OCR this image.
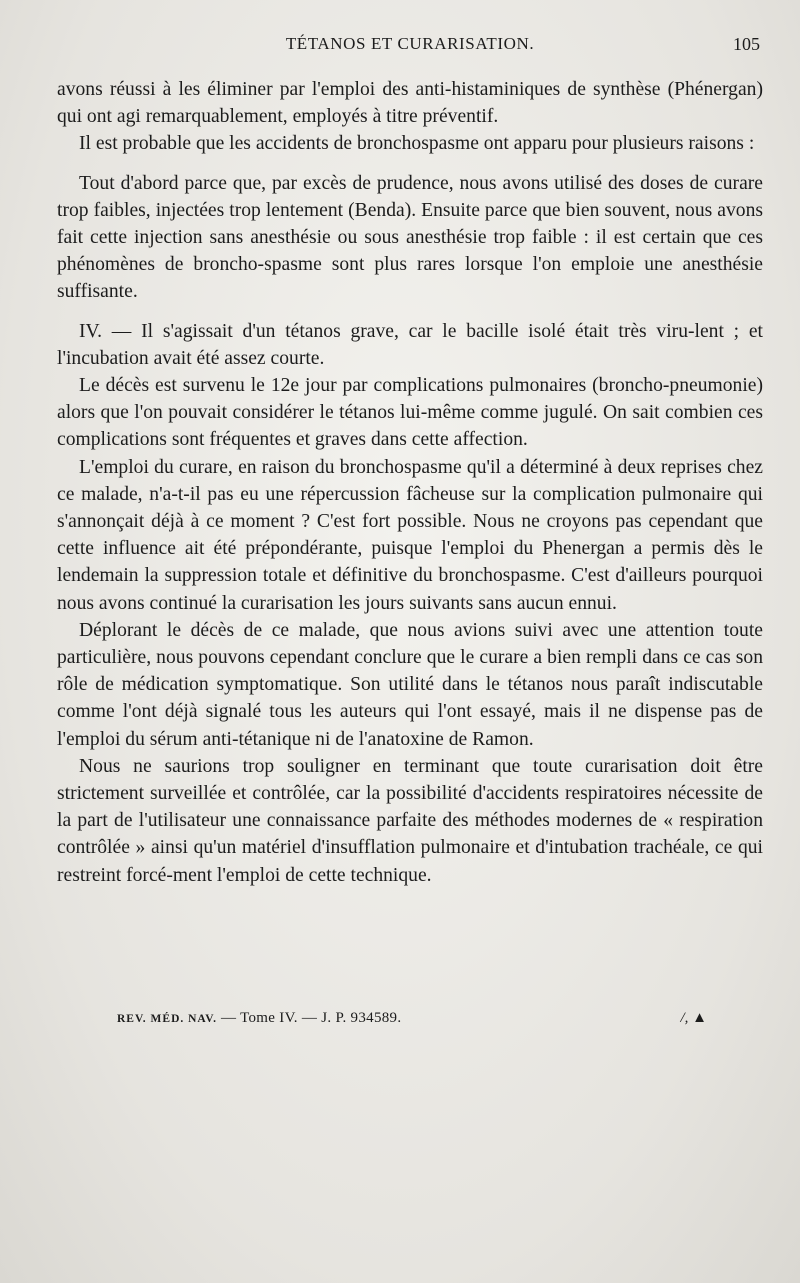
TÉTANOS ET CURARISATION.	105

avons réussi à les éliminer par l'emploi des anti-histaminiques de synthèse (Phénergan) qui ont agi remarquablement, employés à titre préventif.

Il est probable que les accidents de bronchospasme ont apparu pour plusieurs raisons :

Tout d'abord parce que, par excès de prudence, nous avons utilisé des doses de curare trop faibles, injectées trop lentement (Benda). Ensuite parce que bien souvent, nous avons fait cette injection sans anesthésie ou sous anesthésie trop faible : il est certain que ces phénomènes de broncho-spasme sont plus rares lorsque l'on emploie une anesthésie suffisante.

IV. — Il s'agissait d'un tétanos grave, car le bacille isolé était très viru-lent ; et l'incubation avait été assez courte.

Le décès est survenu le 12e jour par complications pulmonaires (broncho-pneumonie) alors que l'on pouvait considérer le tétanos lui-même comme jugulé. On sait combien ces complications sont fréquentes et graves dans cette affection.

L'emploi du curare, en raison du bronchospasme qu'il a déterminé à deux reprises chez ce malade, n'a-t-il pas eu une répercussion fâcheuse sur la complication pulmonaire qui s'annonçait déjà à ce moment ? C'est fort possible. Nous ne croyons pas cependant que cette influence ait été prépondérante, puisque l'emploi du Phenergan a permis dès le lendemain la suppression totale et définitive du bronchospasme. C'est d'ailleurs pourquoi nous avons continué la curarisation les jours suivants sans aucun ennui.

Déplorant le décès de ce malade, que nous avions suivi avec une attention toute particulière, nous pouvons cependant conclure que le curare a bien rempli dans ce cas son rôle de médication symptomatique. Son utilité dans le tétanos nous paraît indiscutable comme l'ont déjà signalé tous les auteurs qui l'ont essayé, mais il ne dispense pas de l'emploi du sérum anti-tétanique ni de l'anatoxine de Ramon.

Nous ne saurions trop souligner en terminant que toute curarisation doit être strictement surveillée et contrôlée, car la possibilité d'accidents respiratoires nécessite de la part de l'utilisateur une connaissance parfaite des méthodes modernes de « respiration contrôlée » ainsi qu'un matériel d'insufflation pulmonaire et d'intubation trachéale, ce qui restreint forcé-ment l'emploi de cette technique.

REV. MÉD. NAV. — Tome IV. — J. P. 934589.	/, ▲
